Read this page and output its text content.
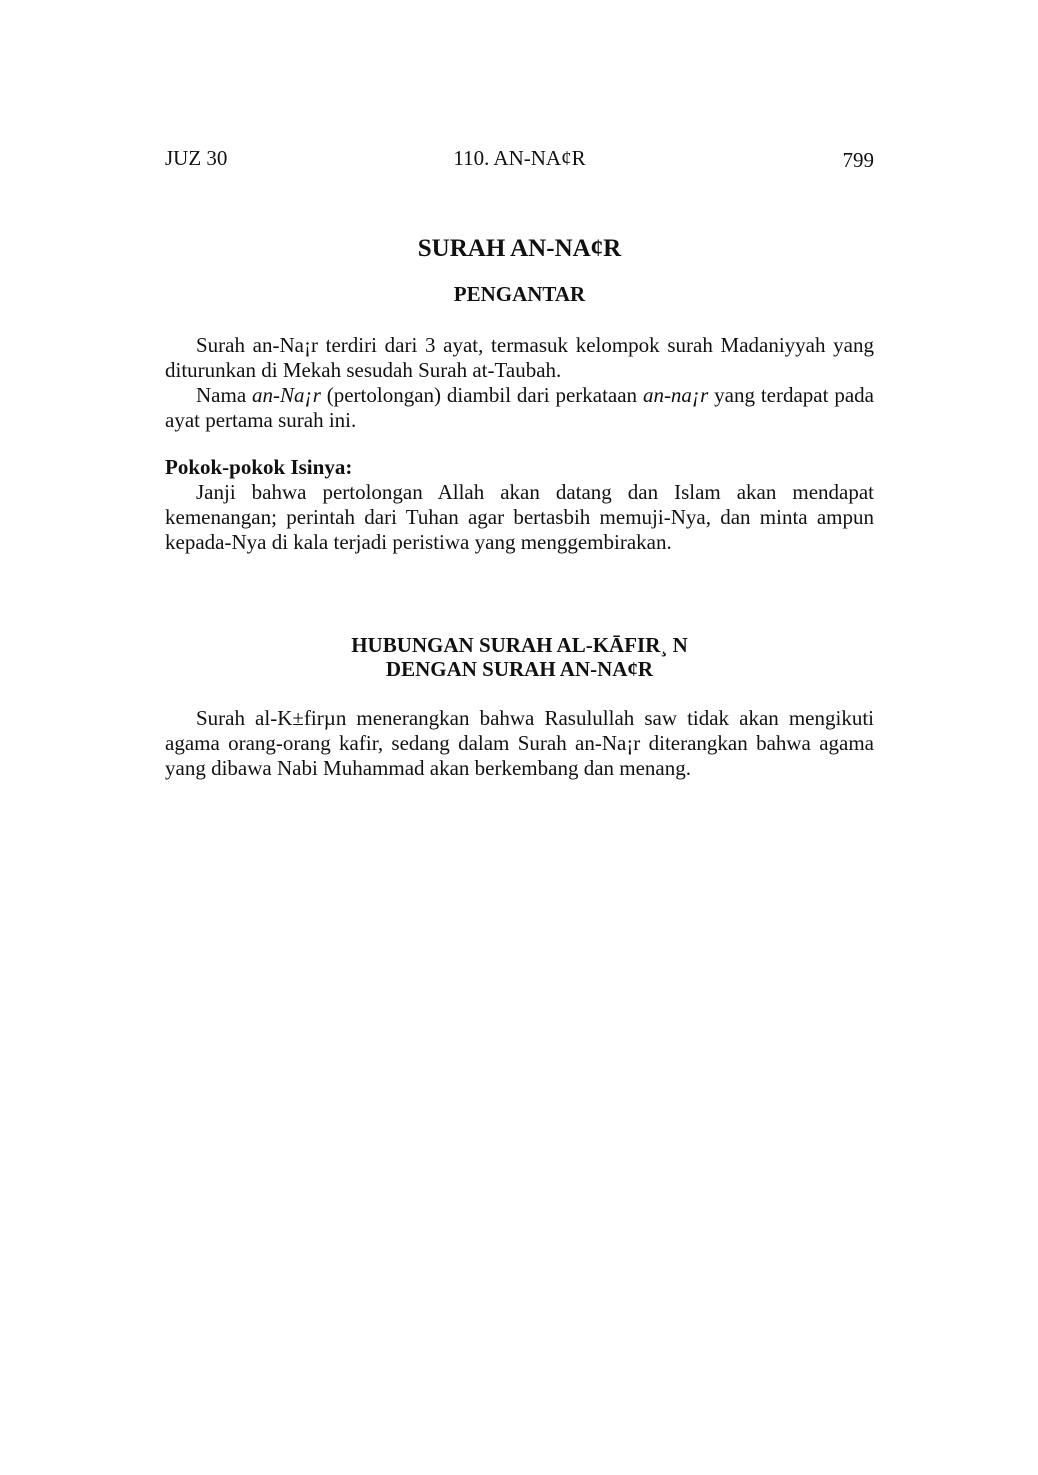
JUZ 30	110. AN-NA¢R	799
SURAH AN-NA¢R
PENGANTAR

Surah an-Na¡r terdiri dari 3 ayat, termasuk kelompok surah Madaniyyah yang diturunkan di Mekah sesudah Surah at-Taubah.

Nama an-Na¡r (pertolongan) diambil dari perkataan an-na¡r yang terdapat pada ayat pertama surah ini.

Pokok-pokok Isinya:

Janji bahwa pertolongan Allah akan datang dan Islam akan mendapat kemenangan; perintah dari Tuhan agar bertasbih memuji-Nya, dan minta ampun kepada-Nya di kala terjadi peristiwa yang menggembirakan.

HUBUNGAN SURAH AL-KĀFIR¸ N
DENGAN SURAH AN-NA¢R

Surah al-K±firµn menerangkan bahwa Rasulullah saw tidak akan mengikuti agama orang-orang kafir, sedang dalam Surah an-Na¡r diterangkan bahwa agama yang dibawa Nabi Muhammad akan berkembang dan menang.
